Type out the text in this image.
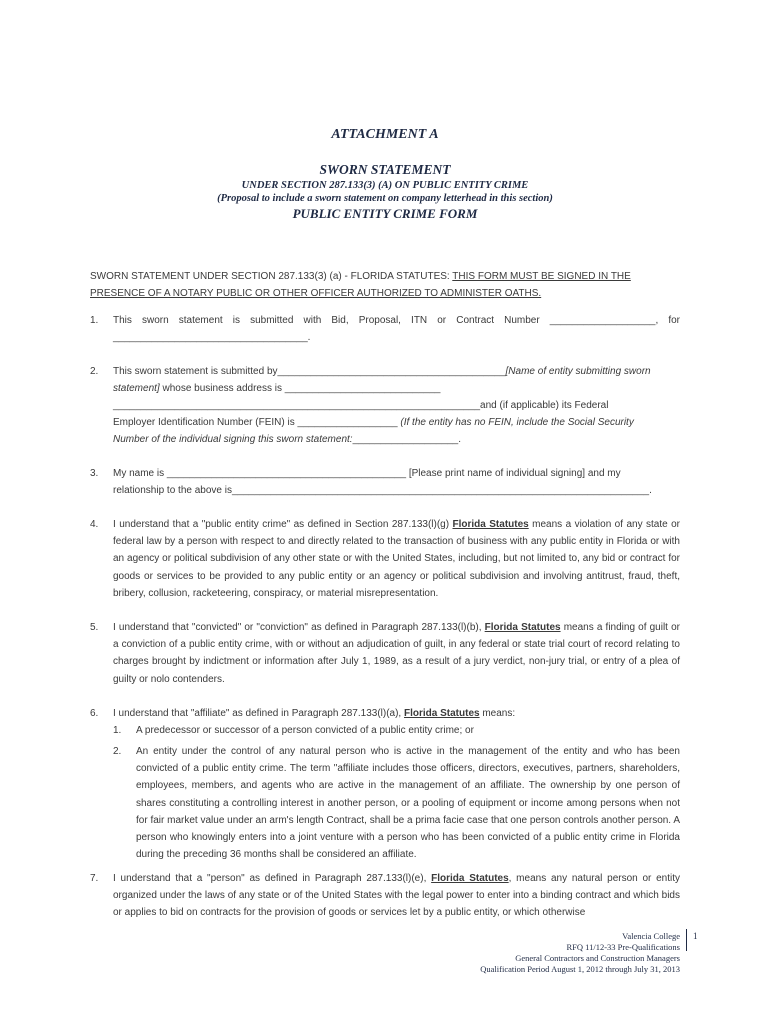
ATTACHMENT A
SWORN STATEMENT
UNDER SECTION 287.133(3) (A) ON PUBLIC ENTITY CRIME
(Proposal to include a sworn statement on company letterhead in this section)
PUBLIC ENTITY CRIME FORM
SWORN STATEMENT UNDER SECTION 287.133(3) (a) - FLORIDA STATUTES: THIS FORM MUST BE SIGNED IN THE PRESENCE OF A NOTARY PUBLIC OR OTHER OFFICER AUTHORIZED TO ADMINISTER OATHS.
1. This sworn statement is submitted with Bid, Proposal, ITN or Contract Number ___________________, for
___________________________________.
2. This sworn statement is submitted by_________________________________________[Name of entity submitting sworn
statement] whose business address is ____________________________
__________________________________________________________________and (if applicable) its Federal
Employer Identification Number (FEIN) is __________________ (If the entity has no FEIN, include the Social Security
Number of the individual signing this sworn statement:___________________.
3. My name is ___________________________________________ [Please print name of individual signing] and my
relationship to the above is___________________________________________________________________________.
4. I understand that a "public entity crime" as defined in Section 287.133(l)(g) Florida Statutes means a violation of any state or federal law by a person with respect to and directly related to the transaction of business with any public entity in Florida or with an agency or political subdivision of any other state or with the United States, including, but not limited to, any bid or contract for goods or services to be provided to any public entity or an agency or political subdivision and involving antitrust, fraud, theft, bribery, collusion, racketeering, conspiracy, or material misrepresentation.
5. I understand that "convicted" or "conviction" as defined in Paragraph 287.133(l)(b), Florida Statutes means a finding of guilt or a conviction of a public entity crime, with or without an adjudication of guilt, in any federal or state trial court of record relating to charges brought by indictment or information after July 1, 1989, as a result of a jury verdict, non-jury trial, or entry of a plea of guilty or nolo contenders.
6. I understand that "affiliate" as defined in Paragraph 287.133(l)(a), Florida Statutes means:
1. A predecessor or successor of a person convicted of a public entity crime; or
2. An entity under the control of any natural person who is active in the management of the entity and who has been convicted of a public entity crime. The term "affiliate includes those officers, directors, executives, partners, shareholders, employees, members, and agents who are active in the management of an affiliate. The ownership by one person of shares constituting a controlling interest in another person, or a pooling of equipment or income among persons when not for fair market value under an arm's length Contract, shall be a prima facie case that one person controls another person. A person who knowingly enters into a joint venture with a person who has been convicted of a public entity crime in Florida during the preceding 36 months shall be considered an affiliate.
7. I understand that a "person" as defined in Paragraph 287.133(l)(e), Florida Statutes, means any natural person or entity organized under the laws of any state or of the United States with the legal power to enter into a binding contract and which bids or applies to bid on contracts for the provision of goods or services let by a public entity, or which otherwise
Valencia College
RFQ 11/12-33 Pre-Qualifications
General Contractors and Construction Managers
Qualification Period August 1, 2012 through July 31, 2013
1
